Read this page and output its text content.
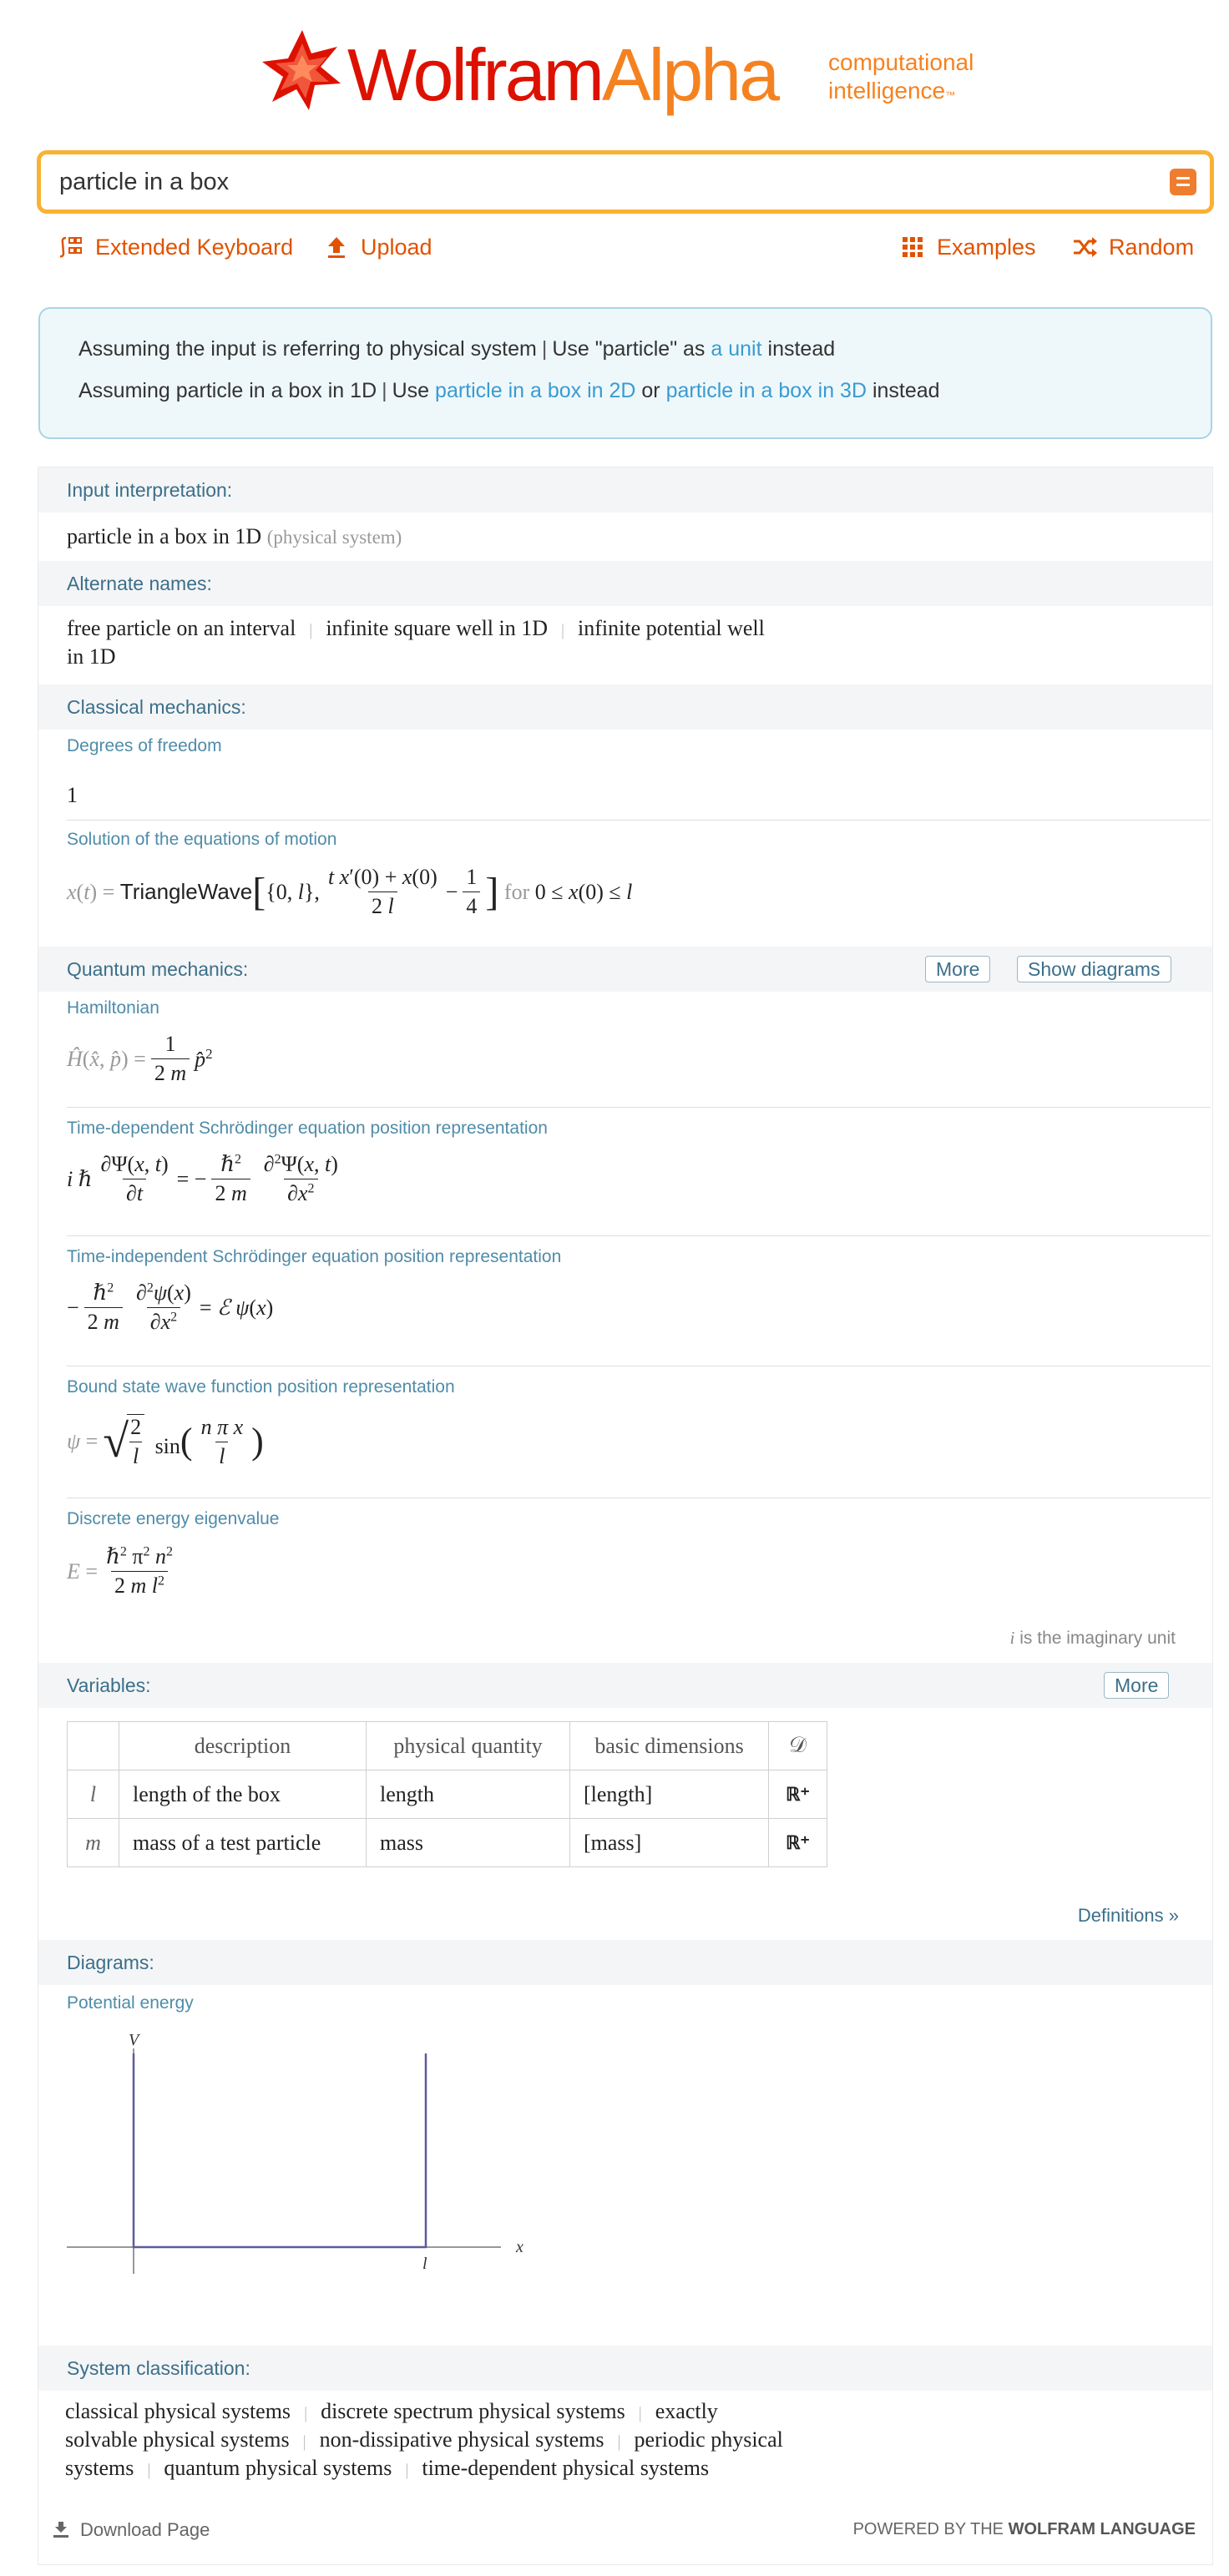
WolframAlpha computational
intelligence™
particle in a box
Extended Keyboard	Upload	Examples	Random
Assuming the input is referring to physical system | Use "particle" as a unit instead
Assuming particle in a box in 1D | Use particle in a box in 2D or particle in a box in 3D instead
Input interpretation:
particle in a box in 1D (physical system)
Alternate names:
free particle on an interval | infinite square well in 1D | infinite potential well
in 1D
Classical mechanics:
Degrees of freedom
1
Solution of the equations of motion
x(t) = TriangleWave [ {0, l}, $\frac{\text{t x′(0) + x(0)}}{2 l} - \frac{1}{4}$ ] for 0 ≤ x(0) ≤ l
Quantum mechanics:	More	Show diagrams
Hamiltonian
Ĥ(x̂, p̂) = $\frac{1}{2 m}$ p̂$^2$
Time-dependent Schrödinger equation position representation
i ℏ $\frac{\partial\Psi(x, t)}{\partial t}$ = − $\frac{\hbar^2}{2 m} \frac{\partial^2\Psi(x, t)}{\partial x^2}$
Time-independent Schrödinger equation position representation
− $\frac{\hbar^2}{2 m} \frac{\partial^2\psi(x)}{\partial x^2}$ = ℰ ψ(x)
Bound state wave function position representation
ψ = √
$\frac{2}{l} \sin( \frac{\text{n π x}}{l}$ )
Discrete energy eigenvalue
$E = \frac{\hbar^2 \pi^2 n^2}{2 m l^2}$
i is the imaginary unit
Variables:	More
	description	physical quantity	basic dimensions	𝒟
l	length of the box	length	[length]	ℝ⁺
m	mass of a test particle	mass	[mass]	ℝ⁺
Definitions »
Diagrams:
Potential energy
V
x
l
System classification:
classical physical systems | discrete spectrum physical systems | exactly
solvable physical systems | non-dissipative physical systems | periodic physical
systems | quantum physical systems | time-dependent physical systems
Download Page	POWERED BY THE WOLFRAM LANGUAGE
